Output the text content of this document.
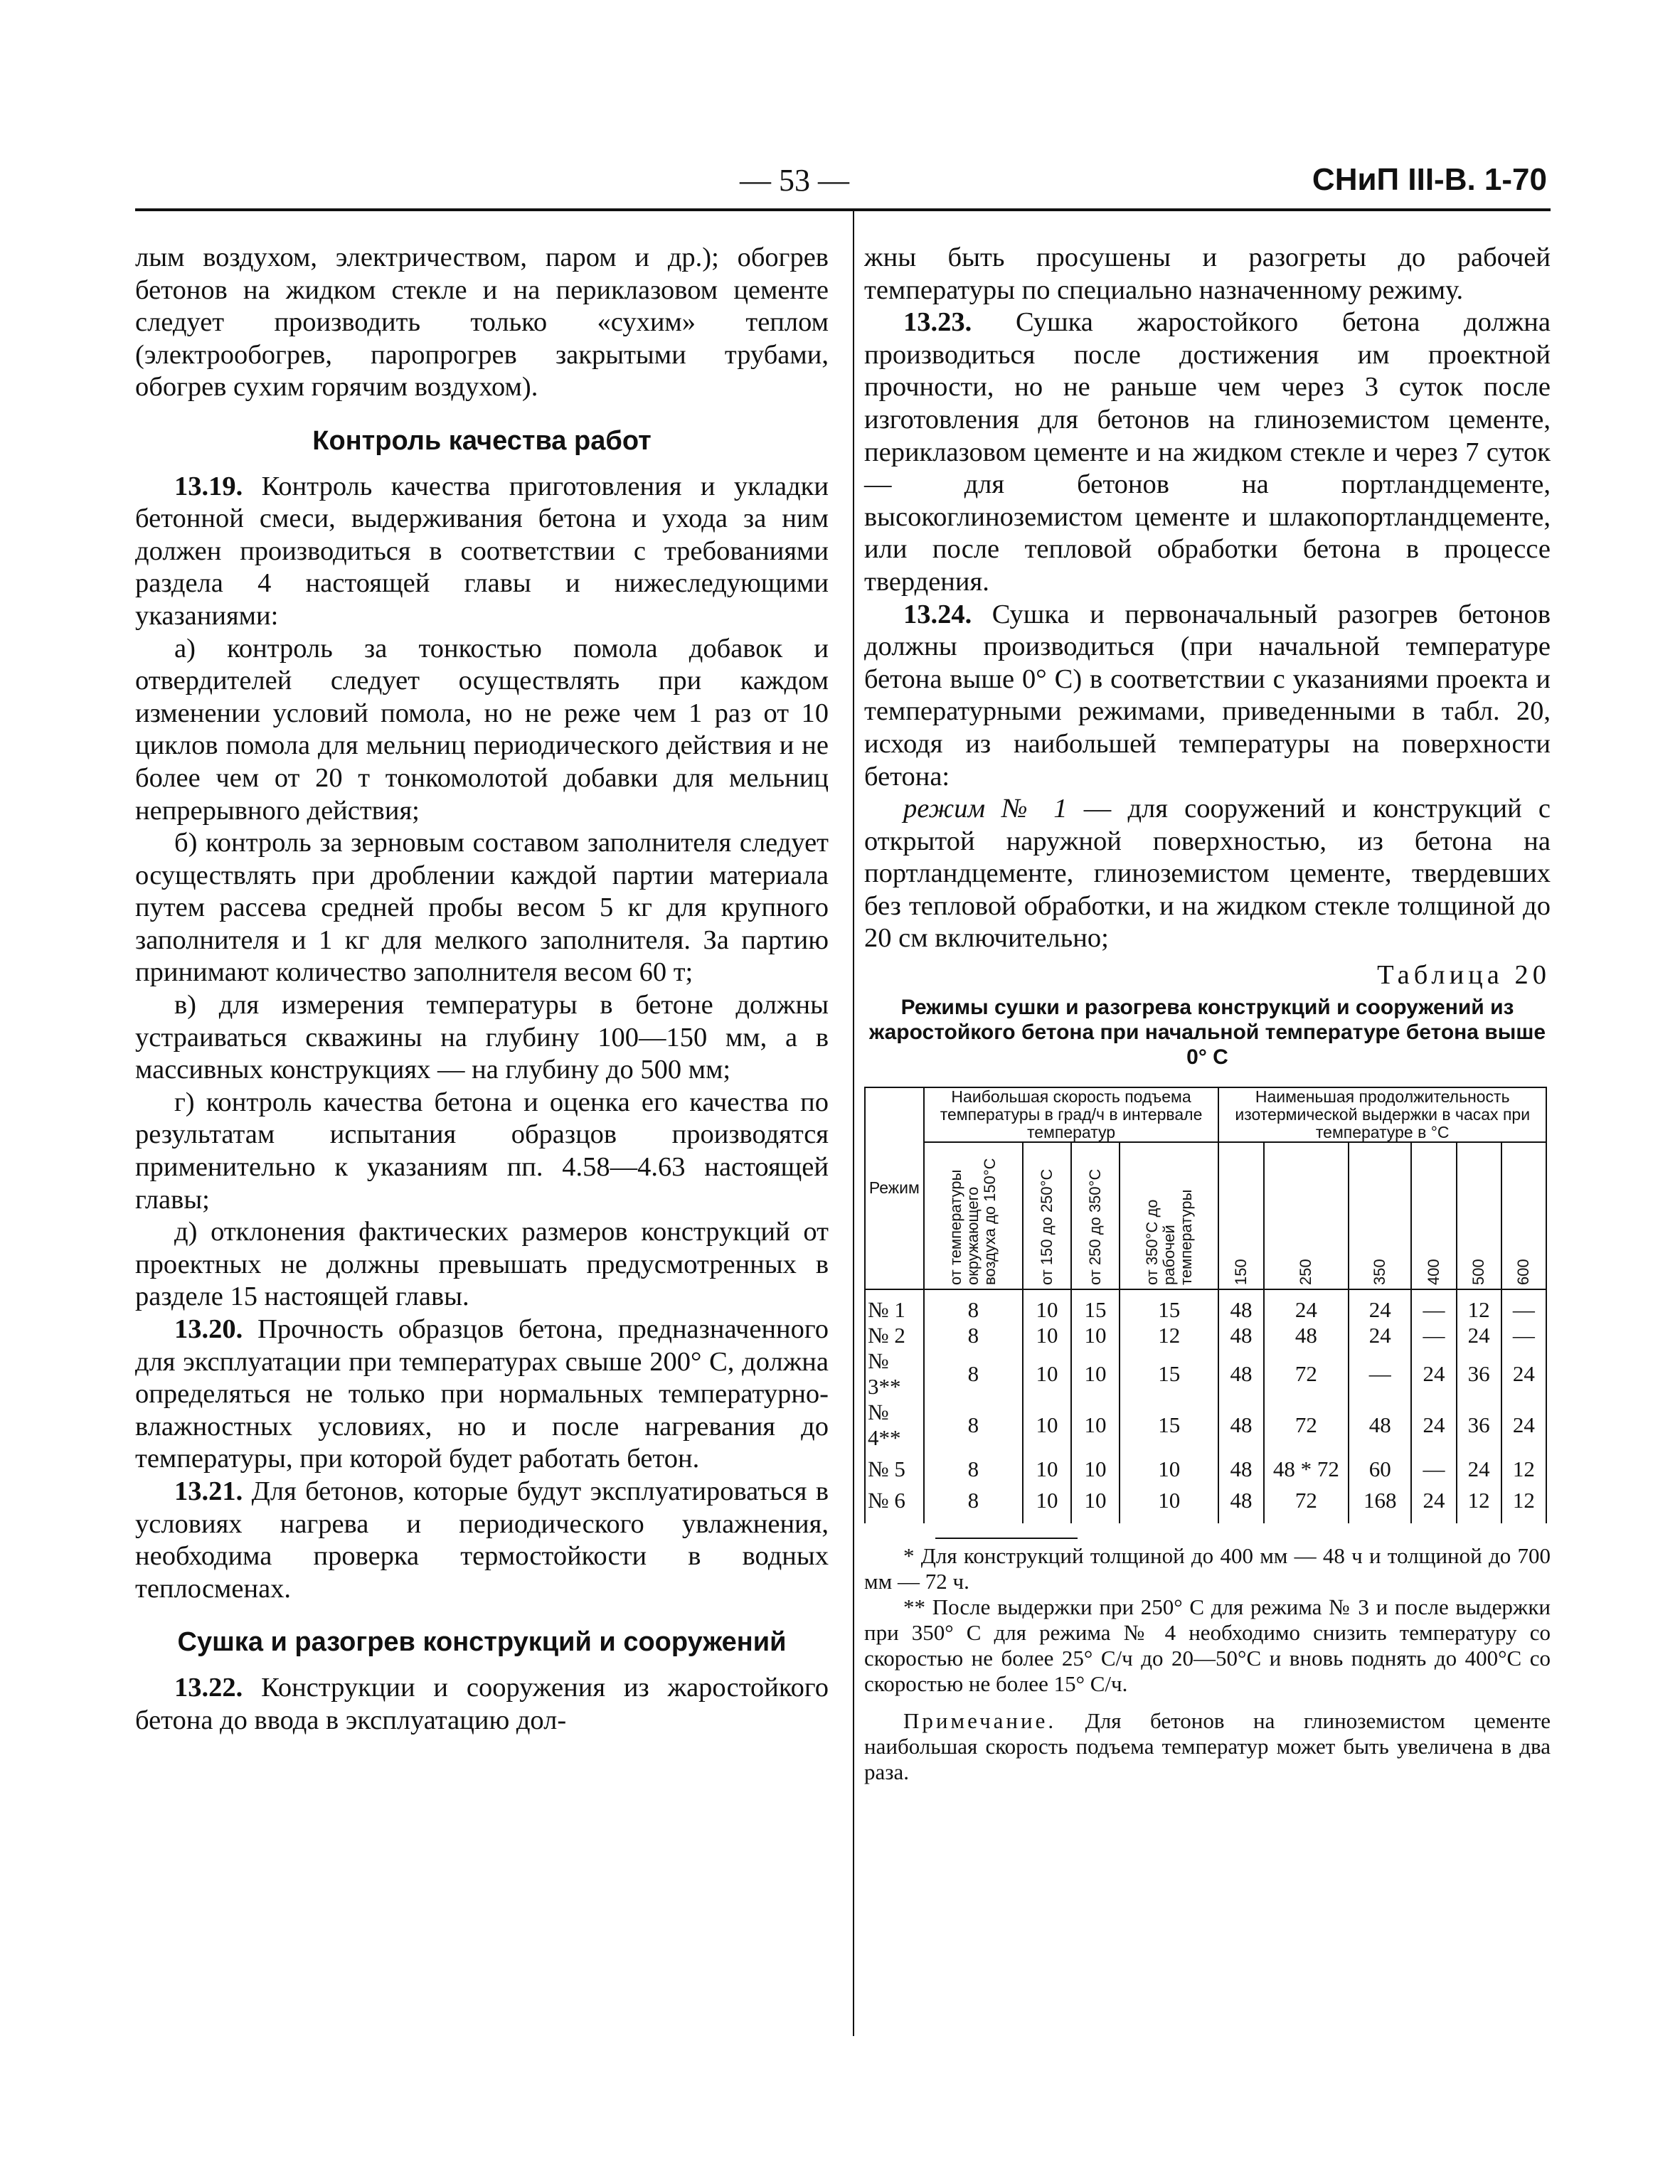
— 53 —	СНиП III-В. 1-70

лым воздухом, электричеством, паром и др.); обогрев бетонов на жидком стекле и на периклазовом цементе следует производить только «сухим» теплом (электрообогрев, паропрогрев закрытыми трубами, обогрев сухим горячим воздухом).

Контроль качества работ

13.19. Контроль качества приготовления и укладки бетонной смеси, выдерживания бетона и ухода за ним должен производиться в соответствии с требованиями раздела 4 настоящей главы и нижеследующими указаниями:

а) контроль за тонкостью помола добавок и отвердителей следует осуществлять при каждом изменении условий помола, но не реже чем 1 раз от 10 циклов помола для мельниц периодического действия и не более чем от 20 т тонкомолотой добавки для мельниц непрерывного действия;

б) контроль за зерновым составом заполнителя следует осуществлять при дроблении каждой партии материала путем рассева средней пробы весом 5 кг для крупного заполнителя и 1 кг для мелкого заполнителя. За партию принимают количество заполнителя весом 60 т;

в) для измерения температуры в бетоне должны устраиваться скважины на глубину 100—150 мм, а в массивных конструкциях — на глубину до 500 мм;

г) контроль качества бетона и оценка его качества по результатам испытания образцов производятся применительно к указаниям пп. 4.58—4.63 настоящей главы;

д) отклонения фактических размеров конструкций от проектных не должны превышать предусмотренных в разделе 15 настоящей главы.

13.20. Прочность образцов бетона, предназначенного для эксплуатации при температурах свыше 200° С, должна определяться не только при нормальных температурно-влажностных условиях, но и после нагревания до температуры, при которой будет работать бетон.

13.21. Для бетонов, которые будут эксплуатироваться в условиях нагрева и периодического увлажнения, необходима проверка термостойкости в водных теплосменах.

Сушка и разогрев конструкций и сооружений

13.22. Конструкции и сооружения из жаростойкого бетона до ввода в эксплуатацию дол-

жны быть просушены и разогреты до рабочей температуры по специально назначенному режиму.

13.23. Сушка жаростойкого бетона должна производиться после достижения им проектной прочности, но не раньше чем через 3 суток после изготовления для бетонов на глиноземистом цементе, периклазовом цементе и на жидком стекле и через 7 суток — для бетонов на портландцементе, высокоглиноземистом цементе и шлакопортландцементе, или после тепловой обработки бетона в процессе твердения.

13.24. Сушка и первоначальный разогрев бетонов должны производиться (при начальной температуре бетона выше 0° С) в соответствии с указаниями проекта и температурными режимами, приведенными в табл. 20, исходя из наибольшей температуры на поверхности бетона:

режим № 1 — для сооружений и конструкций с открытой наружной поверхностью, из бетона на портландцементе, глиноземистом цементе, твердевших без тепловой обработки, и на жидком стекле толщиной до 20 см включительно;

Таблица 20
Режимы сушки и разогрева конструкций и сооружений из жаростойкого бетона при начальной температуре бетона выше 0° С
Режим	Наибольшая скорость подъема температуры в град/ч в интервале температур				Наименьшая продолжительность изотермической выдержки в часах при температуре в °С					
	от температуры окружающего воздуха до 150°С	от 150 до 250°С	от 250 до 350°С	от 350°С до рабочей температуры	150	250	350	400	500	600
№ 1	8	10	15	15	48	24	24	—	12	—
№ 2	8	10	10	12	48	48	24	—	24	—
№ 3**	8	10	10	15	48	72	—	24	36	24
№ 4**	8	10	10	15	48	72	48	24	36	24
№ 5	8	10	10	10	48	48 * 72	60	—	24	12
№ 6	8	10	10	10	48	72	168	24	12	12

* Для конструкций толщиной до 400 мм — 48 ч и толщиной до 700 мм — 72 ч.

** После выдержки при 250° С для режима № 3 и после выдержки при 350° С для режима № 4 необходимо снизить температуру со скоростью не более 25° С/ч до 20—50°С и вновь поднять до 400°С со скоростью не более 15° С/ч.

Примечание. Для бетонов на глиноземистом цементе наибольшая скорость подъема температур может быть увеличена в два раза.
